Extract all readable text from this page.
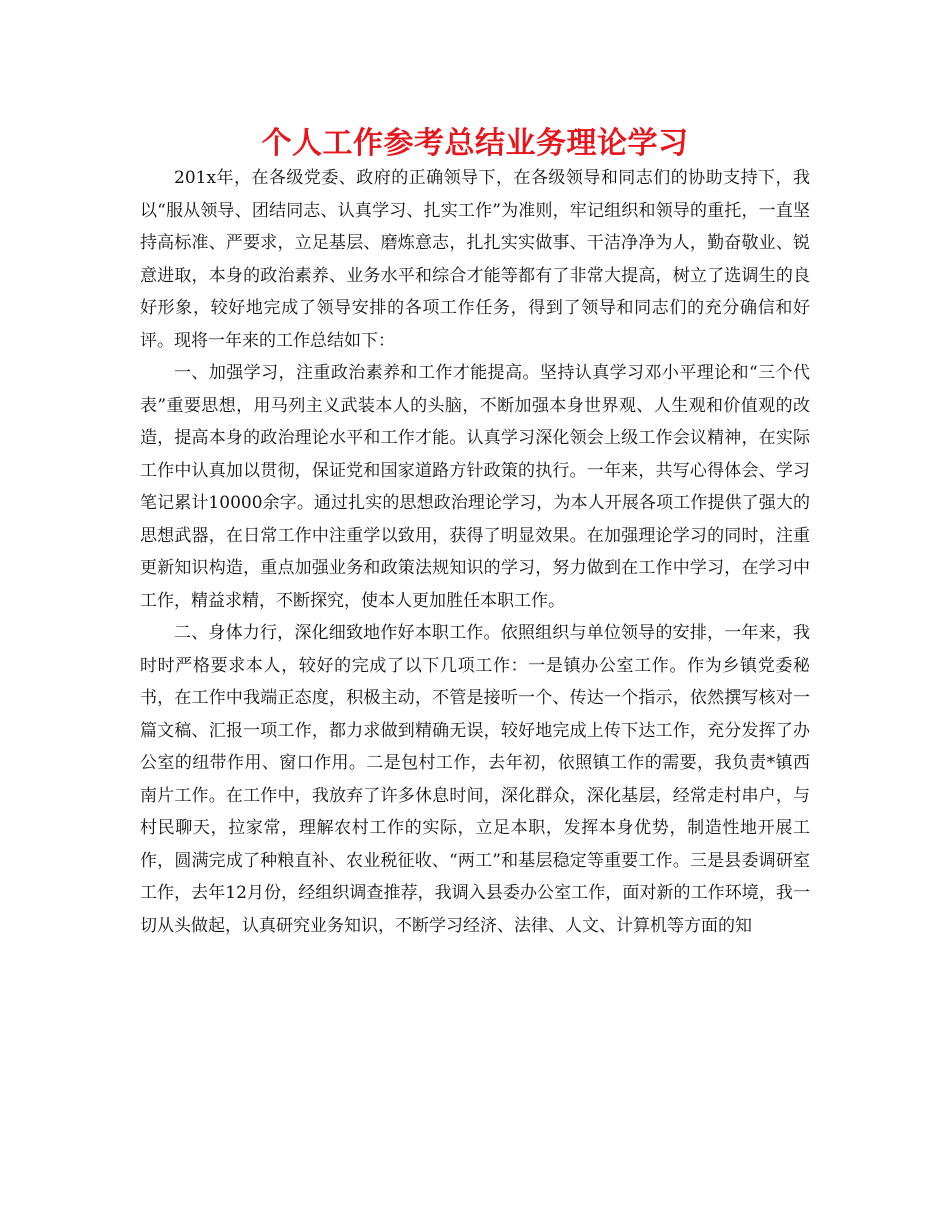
个人工作参考总结业务理论学习

201x年，在各级党委、政府的正确领导下，在各级领导和同志们的协助支持下，我以“服从领导、团结同志、认真学习、扎实工作”为准则，牢记组织和领导的重托，一直坚持高标准、严要求，立足基层、磨炼意志，扎扎实实做事、干洁净净为人，勤奋敬业、锐意进取，本身的政治素养、业务水平和综合才能等都有了非常大提高，树立了选调生的良好形象，较好地完成了领导安排的各项工作任务，得到了领导和同志们的充分确信和好评。现将一年来的工作总结如下：

一、加强学习，注重政治素养和工作才能提高。坚持认真学习邓小平理论和“三个代表”重要思想，用马列主义武装本人的头脑，不断加强本身世界观、人生观和价值观的改造，提高本身的政治理论水平和工作才能。认真学习深化领会上级工作会议精神，在实际工作中认真加以贯彻，保证党和国家道路方针政策的执行。一年来，共写心得体会、学习笔记累计10000余字。通过扎实的思想政治理论学习，为本人开展各项工作提供了强大的思想武器，在日常工作中注重学以致用，获得了明显效果。在加强理论学习的同时，注重更新知识构造，重点加强业务和政策法规知识的学习，努力做到在工作中学习，在学习中工作，精益求精，不断探究，使本人更加胜任本职工作。

二、身体力行，深化细致地作好本职工作。依照组织与单位领导的安排，一年来，我时时严格要求本人，较好的完成了以下几项工作：一是镇办公室工作。作为乡镇党委秘书，在工作中我端正态度，积极主动，不管是接听一个、传达一个指示，依然撰写核对一篇文稿、汇报一项工作，都力求做到精确无误，较好地完成上传下达工作，充分发挥了办公室的纽带作用、窗口作用。二是包村工作，去年初，依照镇工作的需要，我负责*镇西南片工作。在工作中，我放弃了许多休息时间，深化群众，深化基层，经常走村串户，与村民聊天，拉家常，理解农村工作的实际，立足本职，发挥本身优势，制造性地开展工作，圆满完成了种粮直补、农业税征收、“两工”和基层稳定等重要工作。三是县委调研室工作，去年12月份，经组织调查推荐，我调入县委办公室工作，面对新的工作环境，我一切从头做起，认真研究业务知识，不断学习经济、法律、人文、计算机等方面的知
